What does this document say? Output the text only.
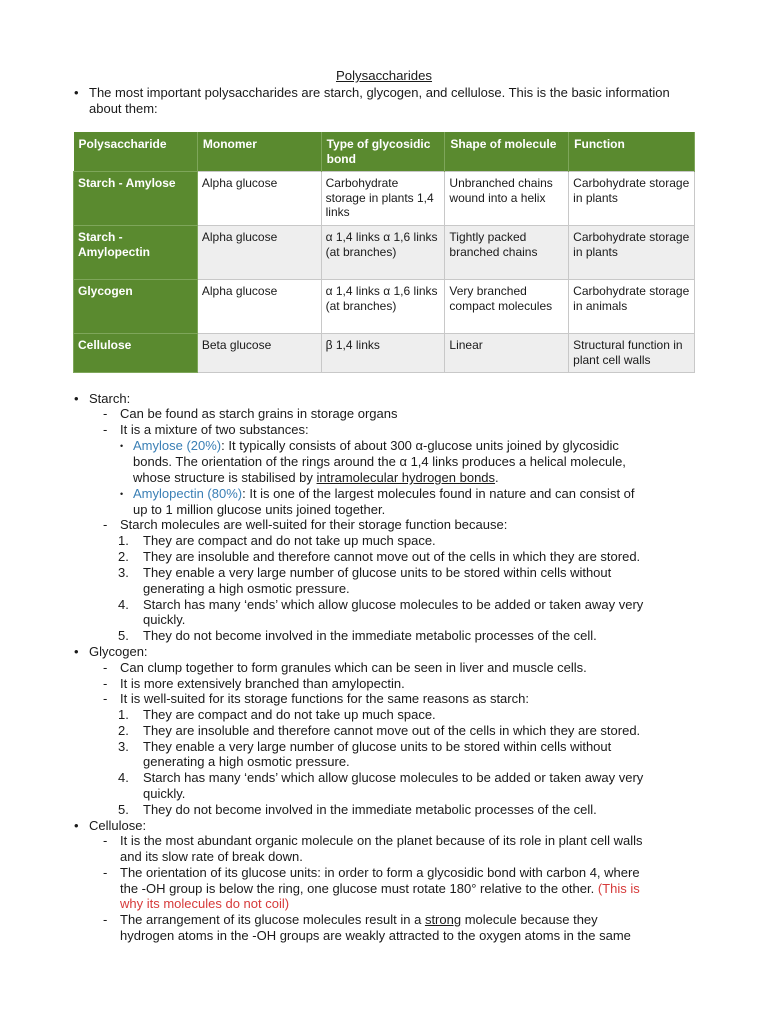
Polysaccharides
• The most important polysaccharides are starch, glycogen, and cellulose. This is the basic information about them:
Polysaccharide	Monomer	Type of glycosidic bond	Shape of molecule	Function
Starch - Amylose	Alpha glucose	Carbohydrate storage in plants 1,4 links	Unbranched chains wound into a helix	Carbohydrate storage in plants
Starch - Amylopectin	Alpha glucose	α 1,4 links α 1,6 links (at branches)	Tightly packed branched chains	Carbohydrate storage in plants
Glycogen	Alpha glucose	α 1,4 links α 1,6 links (at branches)	Very branched compact molecules	Carbohydrate storage in animals
Cellulose	Beta glucose	β 1,4 links	Linear	Structural function in plant cell walls
• Starch:
- Can be found as starch grains in storage organs
- It is a mixture of two substances:
• Amylose (20%): It typically consists of about 300 α-glucose units joined by glycosidic
bonds. The orientation of the rings around the α 1,4 links produces a helical molecule,
whose structure is stabilised by intramolecular hydrogen bonds.
• Amylopectin (80%): It is one of the largest molecules found in nature and can consist of
up to 1 million glucose units joined together.
- Starch molecules are well-suited for their storage function because:
1. They are compact and do not take up much space.
2. They are insoluble and therefore cannot move out of the cells in which they are stored.
3. They enable a very large number of glucose units to be stored within cells without
generating a high osmotic pressure.
4. Starch has many ‘ends’ which allow glucose molecules to be added or taken away very
quickly.
5. They do not become involved in the immediate metabolic processes of the cell.
• Glycogen:
- Can clump together to form granules which can be seen in liver and muscle cells.
- It is more extensively branched than amylopectin.
- It is well-suited for its storage functions for the same reasons as starch:
1. They are compact and do not take up much space.
2. They are insoluble and therefore cannot move out of the cells in which they are stored.
3. They enable a very large number of glucose units to be stored within cells without
generating a high osmotic pressure.
4. Starch has many ‘ends’ which allow glucose molecules to be added or taken away very
quickly.
5. They do not become involved in the immediate metabolic processes of the cell.
• Cellulose:
- It is the most abundant organic molecule on the planet because of its role in plant cell walls
and its slow rate of break down.
- The orientation of its glucose units: in order to form a glycosidic bond with carbon 4, where
the -OH group is below the ring, one glucose must rotate 180° relative to the other. (This is
why its molecules do not coil)
- The arrangement of its glucose molecules result in a strong molecule because they
hydrogen atoms in the -OH groups are weakly attracted to the oxygen atoms in the same
